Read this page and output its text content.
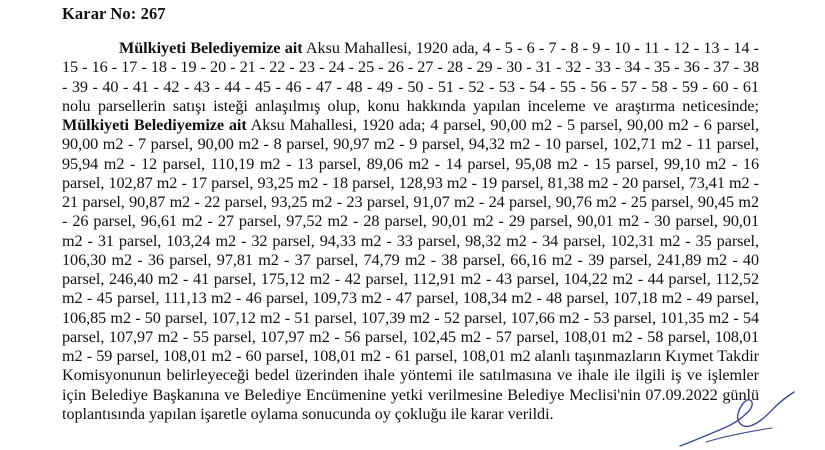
Karar No: 267

Mülkiyeti Belediyemize ait Aksu Mahallesi, 1920 ada, 4 - 5 - 6 - 7 - 8 - 9 - 10 - 11 - 12 - 13 - 14 - 15 - 16 - 17 - 18 - 19 - 20 - 21 - 22 - 23 - 24 - 25 - 26 - 27 - 28 - 29 - 30 - 31 - 32 - 33 - 34 - 35 - 36 - 37 - 38 - 39 - 40 - 41 - 42 - 43 - 44 - 45 - 46 - 47 - 48 - 49 - 50 - 51 - 52 - 53 - 54 - 55 - 56 - 57 - 58 - 59 - 60 - 61 nolu parsellerin satışı isteği anlaşılmış olup, konu hakkında yapılan inceleme ve araştırma neticesinde; Mülkiyeti Belediyemize ait Aksu Mahallesi, 1920 ada; 4 parsel, 90,00 m2 - 5 parsel, 90,00 m2 - 6 parsel, 90,00 m2 - 7 parsel, 90,00 m2 - 8 parsel, 90,97 m2 - 9 parsel, 94,32 m2 - 10 parsel, 102,71 m2 - 11 parsel, 95,94 m2 - 12 parsel, 110,19 m2 - 13 parsel, 89,06 m2 - 14 parsel, 95,08 m2 - 15 parsel, 99,10 m2 - 16 parsel, 102,87 m2 - 17 parsel, 93,25 m2 - 18 parsel, 128,93 m2 - 19 parsel, 81,38 m2 - 20 parsel, 73,41 m2 - 21 parsel, 90,87 m2 - 22 parsel, 93,25 m2 - 23 parsel, 91,07 m2 - 24 parsel, 90,76 m2 - 25 parsel, 90,45 m2 - 26 parsel, 96,61 m2 - 27 parsel, 97,52 m2 - 28 parsel, 90,01 m2 - 29 parsel, 90,01 m2 - 30 parsel, 90,01 m2 - 31 parsel, 103,24 m2 - 32 parsel, 94,33 m2 - 33 parsel, 98,32 m2 - 34 parsel, 102,31 m2 - 35 parsel, 106,30 m2 - 36 parsel, 97,81 m2 - 37 parsel, 74,79 m2 - 38 parsel, 66,16 m2 - 39 parsel, 241,89 m2 - 40 parsel, 246,40 m2 - 41 parsel, 175,12 m2 - 42 parsel, 112,91 m2 - 43 parsel, 104,22 m2 - 44 parsel, 112,52 m2 - 45 parsel, 111,13 m2 - 46 parsel, 109,73 m2 - 47 parsel, 108,34 m2 - 48 parsel, 107,18 m2 - 49 parsel, 106,85 m2 - 50 parsel, 107,12 m2 - 51 parsel, 107,39 m2 - 52 parsel, 107,66 m2 - 53 parsel, 101,35 m2 - 54 parsel, 107,97 m2 - 55 parsel, 107,97 m2 - 56 parsel, 102,45 m2 - 57 parsel, 108,01 m2 - 58 parsel, 108,01 m2 - 59 parsel, 108,01 m2 - 60 parsel, 108,01 m2 - 61 parsel, 108,01 m2 alanlı taşınmazların Kıymet Takdir Komisyonunun belirleyeceği bedel üzerinden ihale yöntemi ile satılmasına ve ihale ile ilgili iş ve işlemler için Belediye Başkanına ve Belediye Encümenine yetki verilmesine Belediye Meclisi'nin 07.09.2022 günlü toplantısında yapılan işaretle oylama sonucunda oy çokluğu ile karar verildi.
